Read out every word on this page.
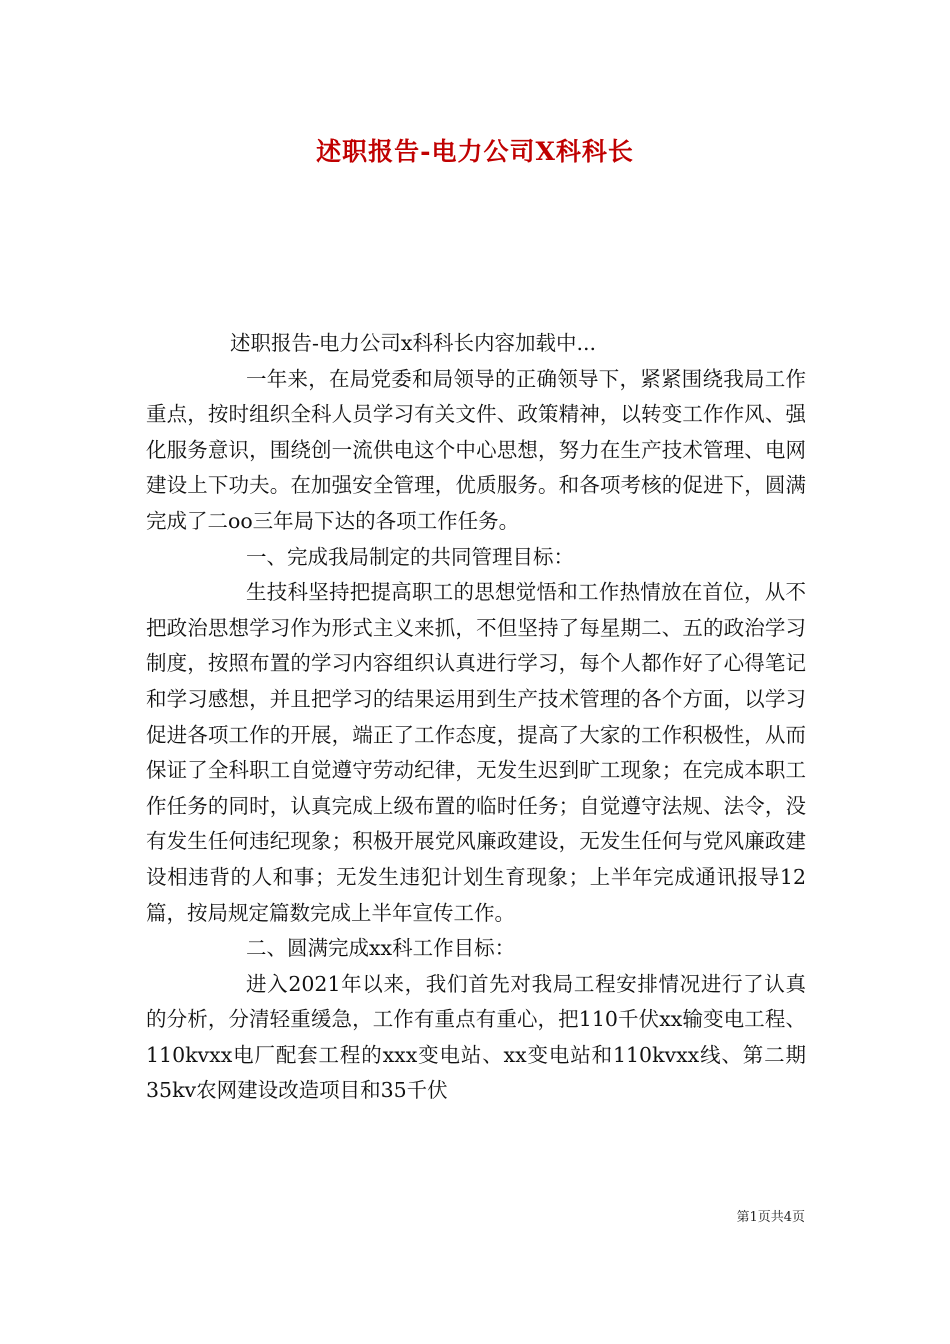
述职报告-电力公司X科科长

述职报告-电力公司x科科长内容加载中...

一年来，在局党委和局领导的正确领导下，紧紧围绕我局工作重点，按时组织全科人员学习有关文件、政策精神，以转变工作作风、强化服务意识，围绕创一流供电这个中心思想，努力在生产技术管理、电网建设上下功夫。在加强安全管理，优质服务。和各项考核的促进下，圆满完成了二oo三年局下达的各项工作任务。

一、完成我局制定的共同管理目标：

生技科坚持把提高职工的思想觉悟和工作热情放在首位，从不把政治思想学习作为形式主义来抓，不但坚持了每星期二、五的政治学习制度，按照布置的学习内容组织认真进行学习，每个人都作好了心得笔记和学习感想，并且把学习的结果运用到生产技术管理的各个方面，以学习促进各项工作的开展，端正了工作态度，提高了大家的工作积极性，从而保证了全科职工自觉遵守劳动纪律，无发生迟到旷工现象；在完成本职工作任务的同时，认真完成上级布置的临时任务；自觉遵守法规、法令，没有发生任何违纪现象；积极开展党风廉政建设，无发生任何与党风廉政建设相违背的人和事；无发生违犯计划生育现象；上半年完成通讯报导12篇，按局规定篇数完成上半年宣传工作。

二、圆满完成xx科工作目标：

进入2021年以来，我们首先对我局工程安排情况进行了认真的分析，分清轻重缓急，工作有重点有重心，把110千伏xx输变电工程、110kvxx电厂配套工程的xxx变电站、xx变电站和110kvxx线、第二期35kv农网建设改造项目和35千伏

第1页共4页
